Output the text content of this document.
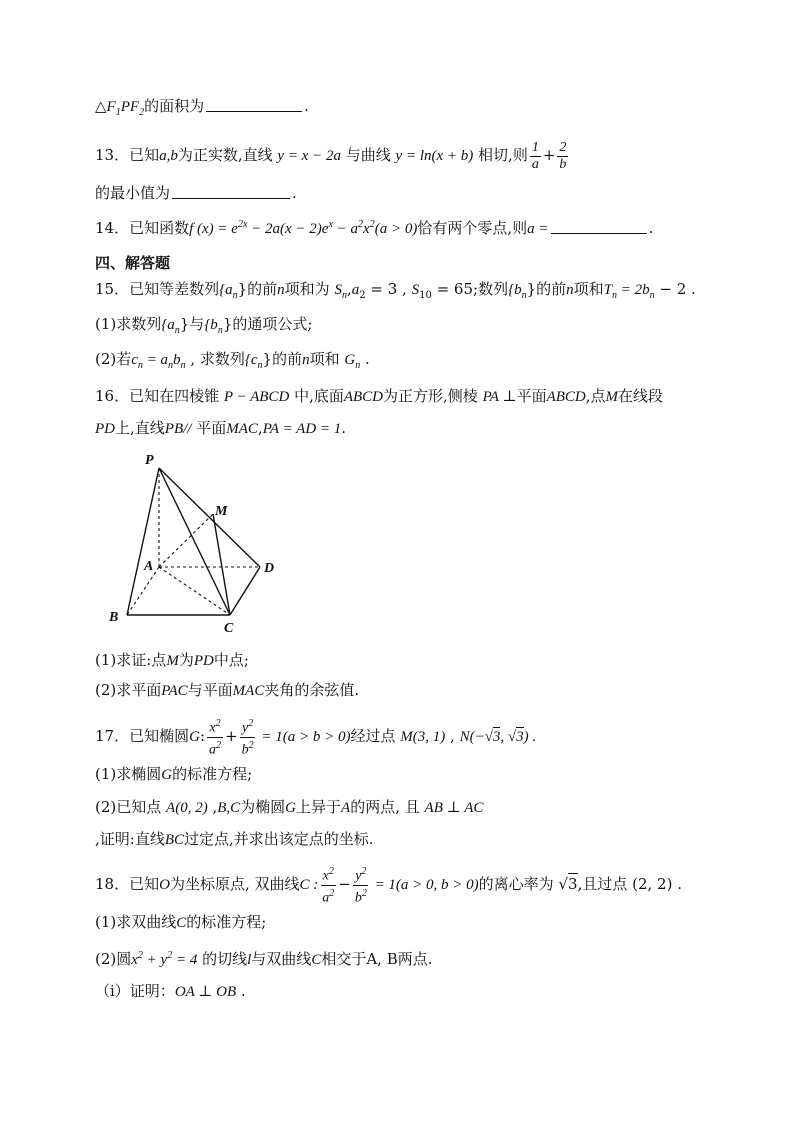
$\triangle F_1PF_2$的面积为	.
13．已知a,b为正实数,直线 y = x − 2a 与曲线 y = ln(x + b) 相切,则 $\frac{1}{a} + \frac{2}{b}$
的最小值为	.
14．已知函数f $(x) = e^{2x} - 2a(x - 2)e^x - a^2x^2(a > 0)$恰有两个零点,则a =	.
四、解答题
15．已知等差数列$\{a_n\}$的前n项和为 $S_n,a_2 = 3$ , $S_{10} = 65$;数列$\{b_n\}$的前n项和$T_n = 2b_n - 2$ .
(1)求数列$\{a_n\}$与$\{b_n\}$的通项公式;
(2)若$c_n = a_nb_n$ , 求数列$\{c_n\}$的前n项和 $G_n$ .
16．已知在四棱锥 P − ABCD 中,底面ABCD为正方形,侧棱 PA ⊥平面ABCD,点M在线段
PD上,直线PB// 平面MAC,PA = AD = 1.
P
M
A	D
B
C
(1)求证:点M为PD中点;
(2)求平面PAC与平面MAC夹角的余弦值.
17．已知椭圆G: $\frac{x^2}{a^2} + \frac{y^2}{b^2} = 1(a > b > 0)$经过点 M(3, 1) , N(−√3, √3) .
(1)求椭圆G的标准方程;
(2)已知点 A(0, 2) ,B,C为椭圆G上异于A的两点, 且 AB ⊥ AC
,证明:直线BC过定点,并求出该定点的坐标.
18．已知O为坐标原点, 双曲线C : $\frac{x^2}{a^2} - \frac{y^2}{b^2} = 1(a > 0$, b > 0)的离心率为 √3,且过点 (2, 2) .
(1)求双曲线C的标准方程;
(2)圆$x^2 + y^2 = 4$ 的切线l与双曲线C相交于A, B两点.
（i）证明：OA ⊥ OB .
